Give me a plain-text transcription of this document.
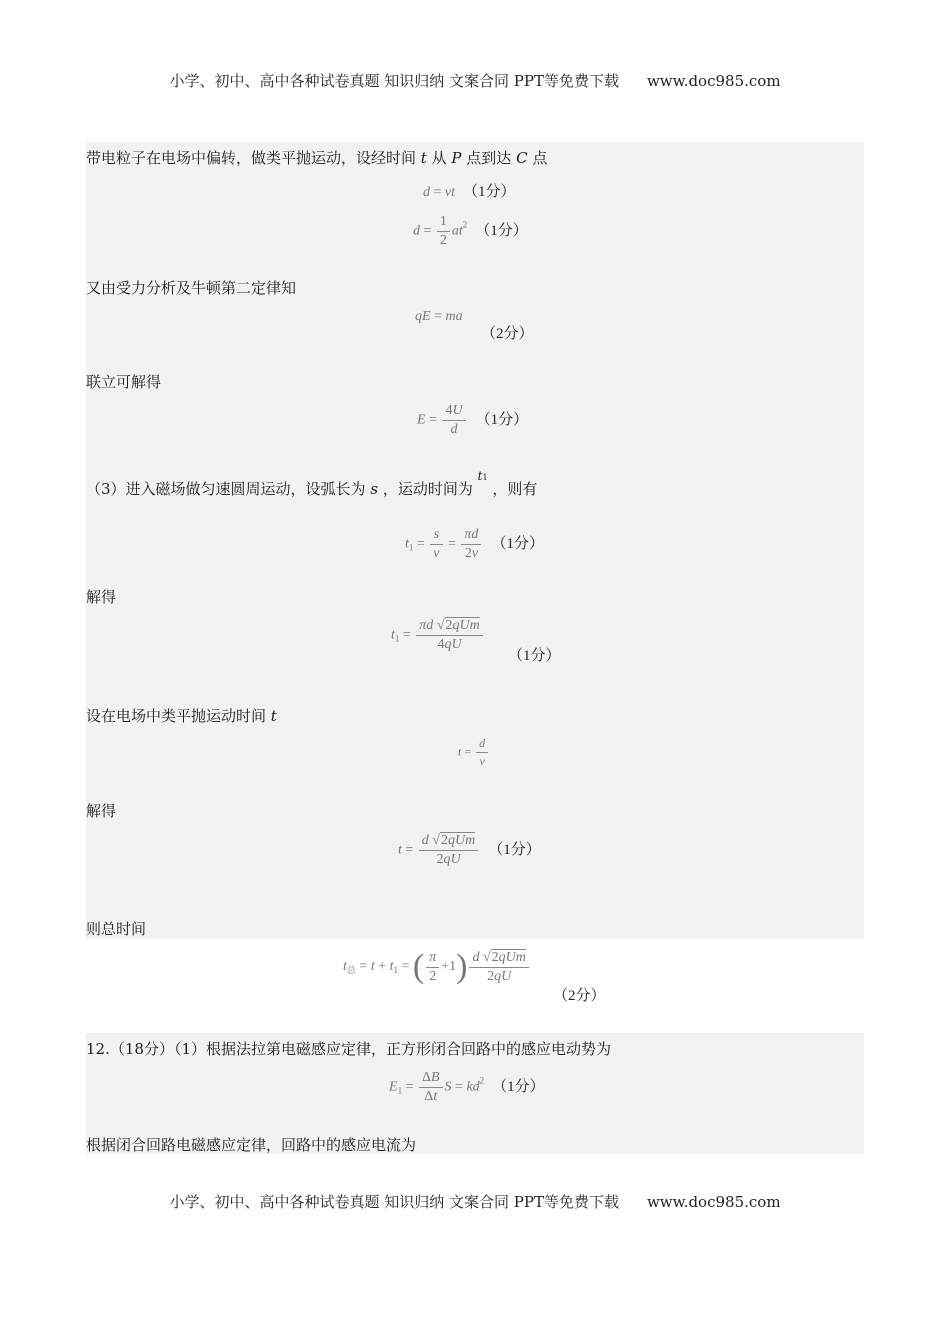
小学、初中、高中各种试卷真题 知识归纳 文案合同 PPT等免费下载 www.doc985.com
带电粒子在电场中偏转，做类平抛运动，设经时间 t 从 P 点到达 C 点
d = vt （1分）
$d = \frac{1}{2} at^2$ （1分）
又由受力分析及牛顿第二定律知
qE = ma
（2分）
联立可解得
$E = \frac{4U}{d} (1$分）
（3）进入磁场做匀速圆周运动，设弧长为 s ，运动时间为 $^{t1}$ ，则有
$t_1 = \frac{s}{v} = \frac{\pi d}{2v} (1$分）
解得
$t_1 = \frac{\text{πd √2qUm}}{4qU}$
（1分）
设在电场中类平抛运动时间 t
$t = \frac{d}{v}$
解得
$t = \frac{\text{d √2qUm}}{2qU} (1$分）
则总时间
$t_总 = t + t_1$ = ( $\frac{\pi}{2} +1) \frac{\text{d √2qUm}}{2qU}$
（2分）
12.（18分）（1）根据法拉第电磁感应定律，正方形闭合回路中的感应电动势为
$E_1 = \frac{\Delta B}{\Delta t}$ $S = kd^2$ （1分）
根据闭合回路电磁感应定律，回路中的感应电流为
小学、初中、高中各种试卷真题 知识归纳 文案合同 PPT等免费下载 www.doc985.com
